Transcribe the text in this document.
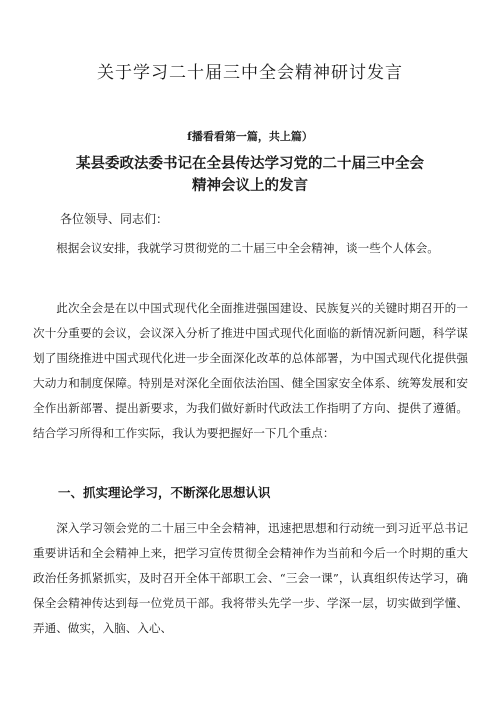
关于学习二十届三中全会精神研讨发言
f播看看第一篇，共上篇）
某县委政法委书记在全县传达学习党的二十届三中全会精神会议上的发言
各位领导、同志们：

根据会议安排，我就学习贯彻党的二十届三中全会精神，谈一些个人体会。

此次全会是在以中国式现代化全面推进强国建设、民族复兴的关键时期召开的一次十分重要的会议，会议深入分析了推进中国式现代化面临的新情况新问题，科学谋划了围绕推进中国式现代化进一步全面深化改革的总体部署，为中国式现代化提供强大动力和制度保障。特别是对深化全面依法治国、健全国家安全体系、统筹发展和安全作出新部署、提出新要求，为我们做好新时代政法工作指明了方向、提供了遵循。结合学习所得和工作实际，我认为要把握好一下几个重点：

一、抓实理论学习，不断深化思想认识

深入学习领会党的二十届三中全会精神，迅速把思想和行动统一到习近平总书记重要讲话和全会精神上来，把学习宣传贯彻全会精神作为当前和今后一个时期的重大政治任务抓紧抓实，及时召开全体干部职工会、“三会一课”，认真组织传达学习，确保全会精神传达到每一位党员干部。我将带头先学一步、学深一层，切实做到学懂、弄通、做实，入脑、入心、
